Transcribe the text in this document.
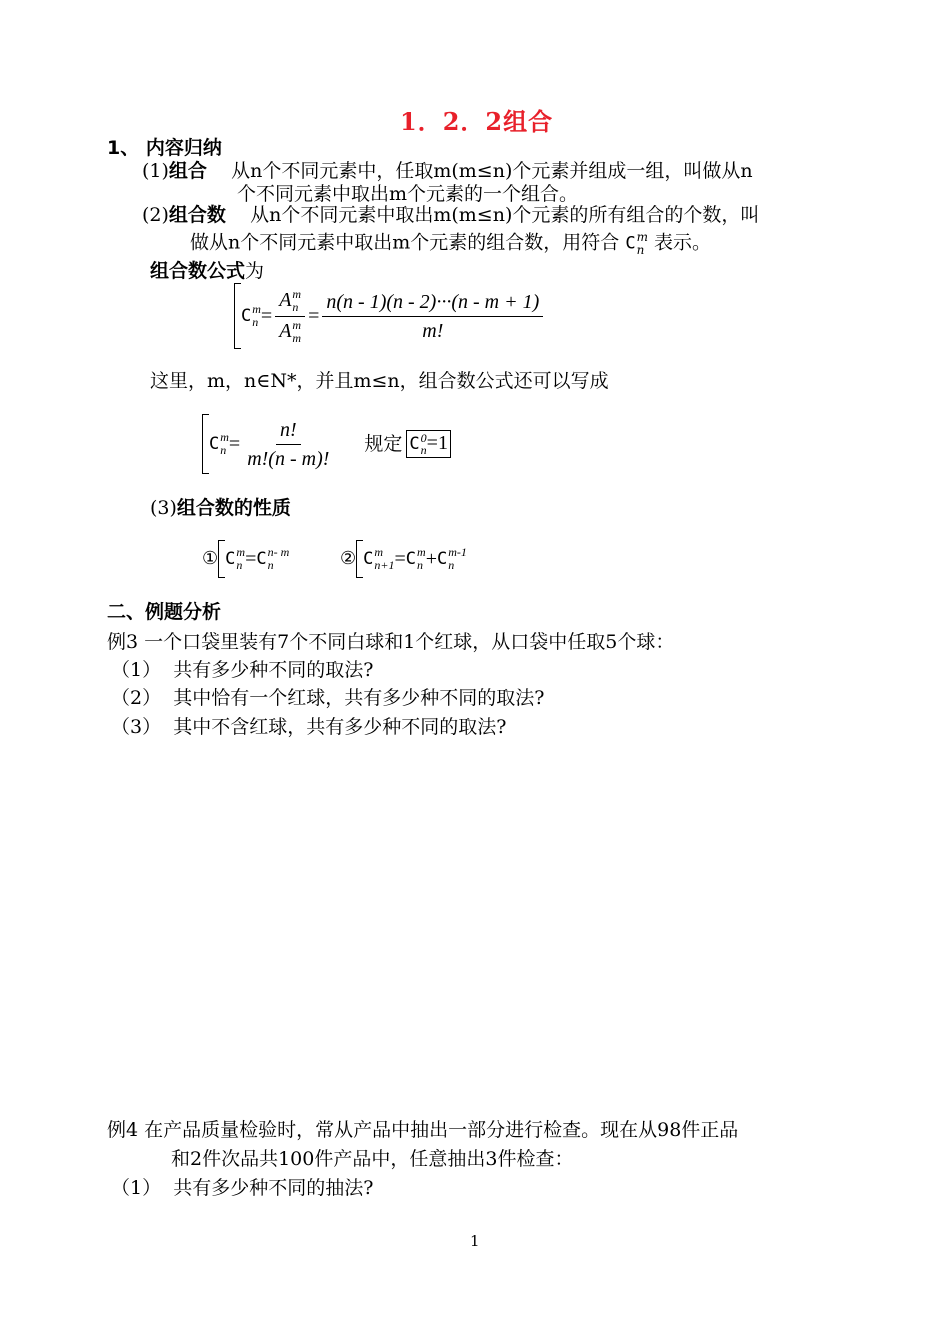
1．2．2组合
1、 内容归纳
(1)组合 从n个不同元素中，任取m(m≤n)个元素并组成一组，叫做从n
个不同元素中取出m个元素的一个组合。
(2)组合数 从n个不同元素中取出m(m≤n)个元素的所有组合的个数，叫
做从n个不同元素中取出m个元素的组合数，用符合 C m
n 表示。
组合数公式为
C m
n = A m
n
A m
$m = \frac{n(n - 1)(n - 2)\cdot\cdot\cdot(n - m + 1)}{m!}$
这里，m，n∈N*，并且m≤n，组合数公式还可以写成
C m
$n = \frac{n!}{m!(n - m)!}$ 规定 C 0
n =1
(3)组合数的性质
① C m
n = C n- m
n	② C m
n+1 = C m
n + C m-1
n
二、例题分析
例3 一个口袋里装有7个不同白球和1个红球，从口袋中任取5个球：
（1） 共有多少种不同的取法?
（2） 其中恰有一个红球，共有多少种不同的取法?
（3） 其中不含红球，共有多少种不同的取法?
例4 在产品质量检验时，常从产品中抽出一部分进行检查。现在从98件正品
和2件次品共100件产品中，任意抽出3件检查：
（1） 共有多少种不同的抽法?
1
